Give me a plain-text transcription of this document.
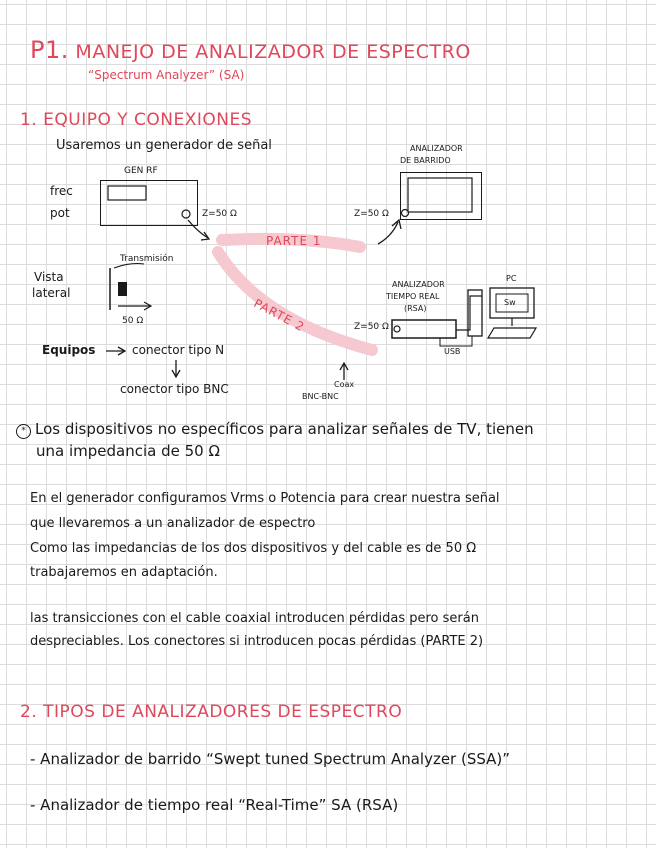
P1. MANEJO DE ANALIZADOR DE ESPECTRO
“Spectrum Analyzer” (SA)
1. EQUIPO Y CONEXIONES
Usaremos un generador de señal
GEN RF
frec
pot	Z=50 Ω
ANALIZADOR
DE BARRIDO
Z=50 Ω
PARTE 1
PARTE 2
Transmisión
Vista
lateral
50 Ω
ANALIZADOR
TIEMPO REAL
(RSA)
Z=50 Ω
PC
Sw
USB
Equipos	conector tipo N
conector tipo BNC	Coax
BNC-BNC
* Los dispositivos no específicos para analizar señales de TV, tienen
una impedancia de 50 Ω
En el generador configuramos Vrms o Potencia para crear nuestra señal
que llevaremos a un analizador de espectro
Como las impedancias de los dos dispositivos y del cable es de 50 Ω
trabajaremos en adaptación.
las transicciones con el cable coaxial introducen pérdidas pero serán
despreciables. Los conectores si introducen pocas pérdidas (PARTE 2)
2. TIPOS DE ANALIZADORES DE ESPECTRO
- Analizador de barrido “Swept tuned Spectrum Analyzer (SSA)”
- Analizador de tiempo real “Real-Time” SA (RSA)
